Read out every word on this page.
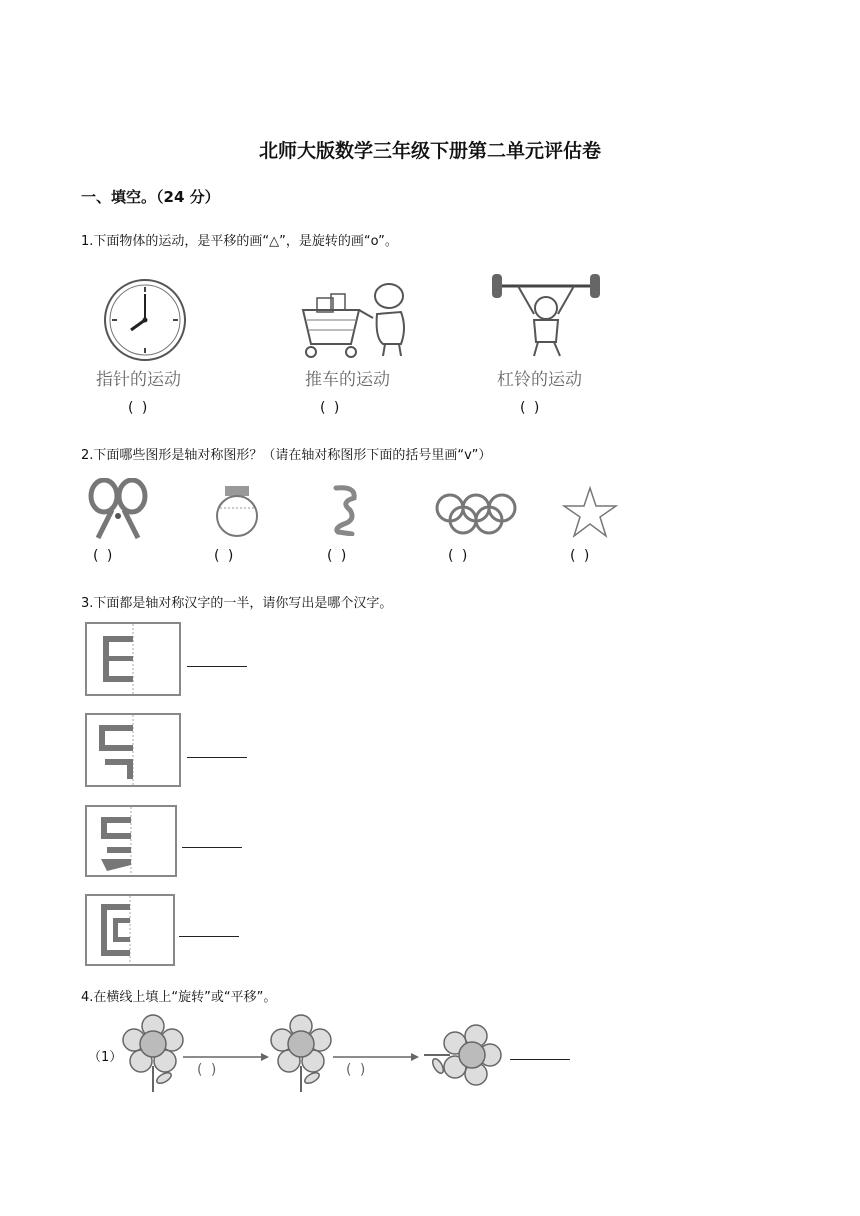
北师大版数学三年级下册第二单元评估卷
一、填空。（24 分）
1.下面物体的运动，是平移的画“△”，是旋转的画“o”。
指针的运动
( )
推车的运动
( )
杠铃的运动
( )
2.下面哪些图形是轴对称图形？（请在轴对称图形下面的括号里画“v”）
( )	( )	( )	( )	( )
3.下面都是轴对称汉字的一半，请你写出是哪个汉字。
4.在横线上填上“旋转”或“平移”。
（1）
( )	( )
